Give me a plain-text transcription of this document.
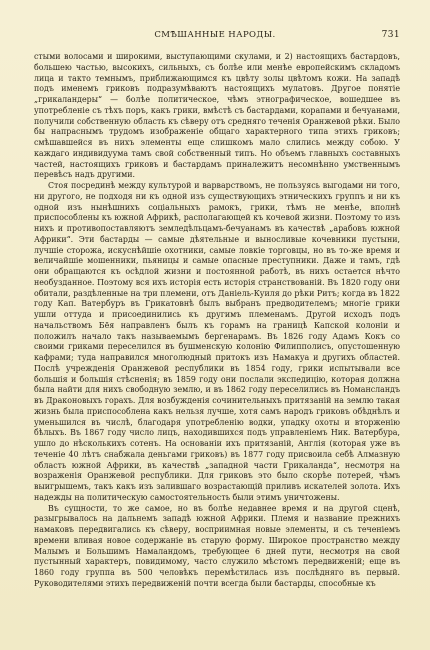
СМѢШАННЫЕ НАРОДЫ.	731

стыми волосами и широкими, выступающими скулами, и 2) настоящихъ бастардовъ, большею частью, высокихъ, сильныхъ, съ болѣе или менѣе европейскимъ складомъ лица и такто темнымъ, приближающимся къ цвѣту золы цвѣтомъ кожи. На западѣ подъ именемъ гриковъ подразумѣваютъ настоящихъ мулатовъ. Другое понятіе „грикаландеры“ — болѣе политическое, чѣмъ этнографическое, вошедшее въ употребленіе съ тѣхъ поръ, какъ грики, вмѣстѣ съ бастардами, корапами и бечуанами, получили собственную область къ сѣверу отъ средняго теченія Оранжевой рѣки. Было бы напраснымъ трудомъ изображеніе общаго характерного типа этихъ гриковъ; смѣшавшейся въ нихъ элементы еще слишкомъ мало слились между собою. У каждаго индивидуума тамъ свой собственный типъ. Но объемъ главныхъ составныхъ частей, настоящихъ гриковъ и бастардамъ приналежитъ несомнѣнно умственнымъ перевѣсъ надъ другими.

Стоя посрединѣ между культурой и варварствомъ, не пользуясь выгодами ни того, ни другого, не подходя ни къ одной изъ существующихъ этническихъ группъ и ни къ одной изъ нынѣшнихъ соціальныхъ рамокъ, грики, тѣмъ не менѣе, вполнѣ приспособлены къ южной Африкѣ, располагающей къ кочевой жизни. Поэтому то изъ нихъ и противопоставляютъ земледѣльцамъ-бечуанамъ въ качествѣ „арабовъ южной Африки“. Эти бастарды — самые дѣятельные и выносливые кочевники пустыни, лучшіе сторожа, искуснѣйшіе охотники, самые ловкіе торговцы, но въ то-же время и величайшіе мошенники, пьяницы и самые опасные преступники. Даже и тамъ, гдѣ они обращаются къ осѣдлой жизни и постоянной работѣ, въ нихъ остается нѣчто необузданное. Поэтому вся ихъ исторія есть исторія странствованій. Въ 1820 году они обитали, раздѣленные на три племени, отъ Даніель-Куиля до рѣки Ритъ; когда въ 1822 году Кап. Ватербуръ въ Грикатовнѣ былъ выбранъ предводителемъ; многіе грики ушли оттуда и присоединились къ другимъ племенамъ. Другой исходъ подъ начальствомъ Бёя направленъ былъ къ горамъ на границѣ Капской колоніи и положилъ начало такъ называемымъ бергенарамъ. Въ 1826 году Адамъ Кокъ со своими гриками переселился въ бушменскую колонію Филипполисъ, опустошенную кафрами; туда направился многолюдный притокъ изъ Намакуа и другихъ областей. Послѣ учрежденія Оранжевой республики въ 1854 году, грики испытывали все большія и большія стѣсненія; въ 1859 году они послали экспедицію, которая должна была найти для нихъ свободную землю, и въ 1862 году переселились въ Номансландъ въ Драконовыхъ горахъ. Для возбужденія сочинительныхъ притязаній на землю такая жизнь была приспособлена какъ нельзя лучше, хотя самъ народъ гриковъ обѣднѣлъ и уменьшился въ числѣ, благодаря употребленію водки, упадку охоты и вторженію бѣлыхъ. Въ 1867 году число лицъ, находившихся подъ управленіемъ Ник. Ватербура, ушло до нѣсколькихъ сотенъ. На основаніи ихъ притязаній, Англія (которая уже въ теченіе 40 лѣтъ снабжала деньгами гриковъ) въ 1877 году присвоила себѣ Алмазную область южной Африки, въ качествѣ „западной части Грикаланда“, несмотря на возраженія Оранжевой республики. Для гриковъ это было скорѣе потерей, чѣмъ выигрышемъ, такъ какъ изъ залившаго возрастающій приливъ искателей золота. Ихъ надежды на политическую самостоятельность были этимъ уничтожены.

Въ сущности, то же самое, но въ болѣе недавнее время и на другой сценѣ, разыгрывалось на дальнемъ западѣ южной Африки. Племя и название прежнихъ намаковъ передвигались къ сѣверу, восприимная новые элементы, и съ теченіемъ времени вливая новое содержаніе въ старую форму. Широкое пространство между Малымъ и Большимъ Намаландомъ, требующее 6 дней пути, несмотря на свой пустынный характеръ, повидимому, часто служило мѣстомъ передвиженій; еще въ 1860 году группа въ 500 человѣкъ перемѣстилась изъ послѣдняго въ первый. Руководителями этихъ передвиженій почти всегда были бастарды, способные къ
